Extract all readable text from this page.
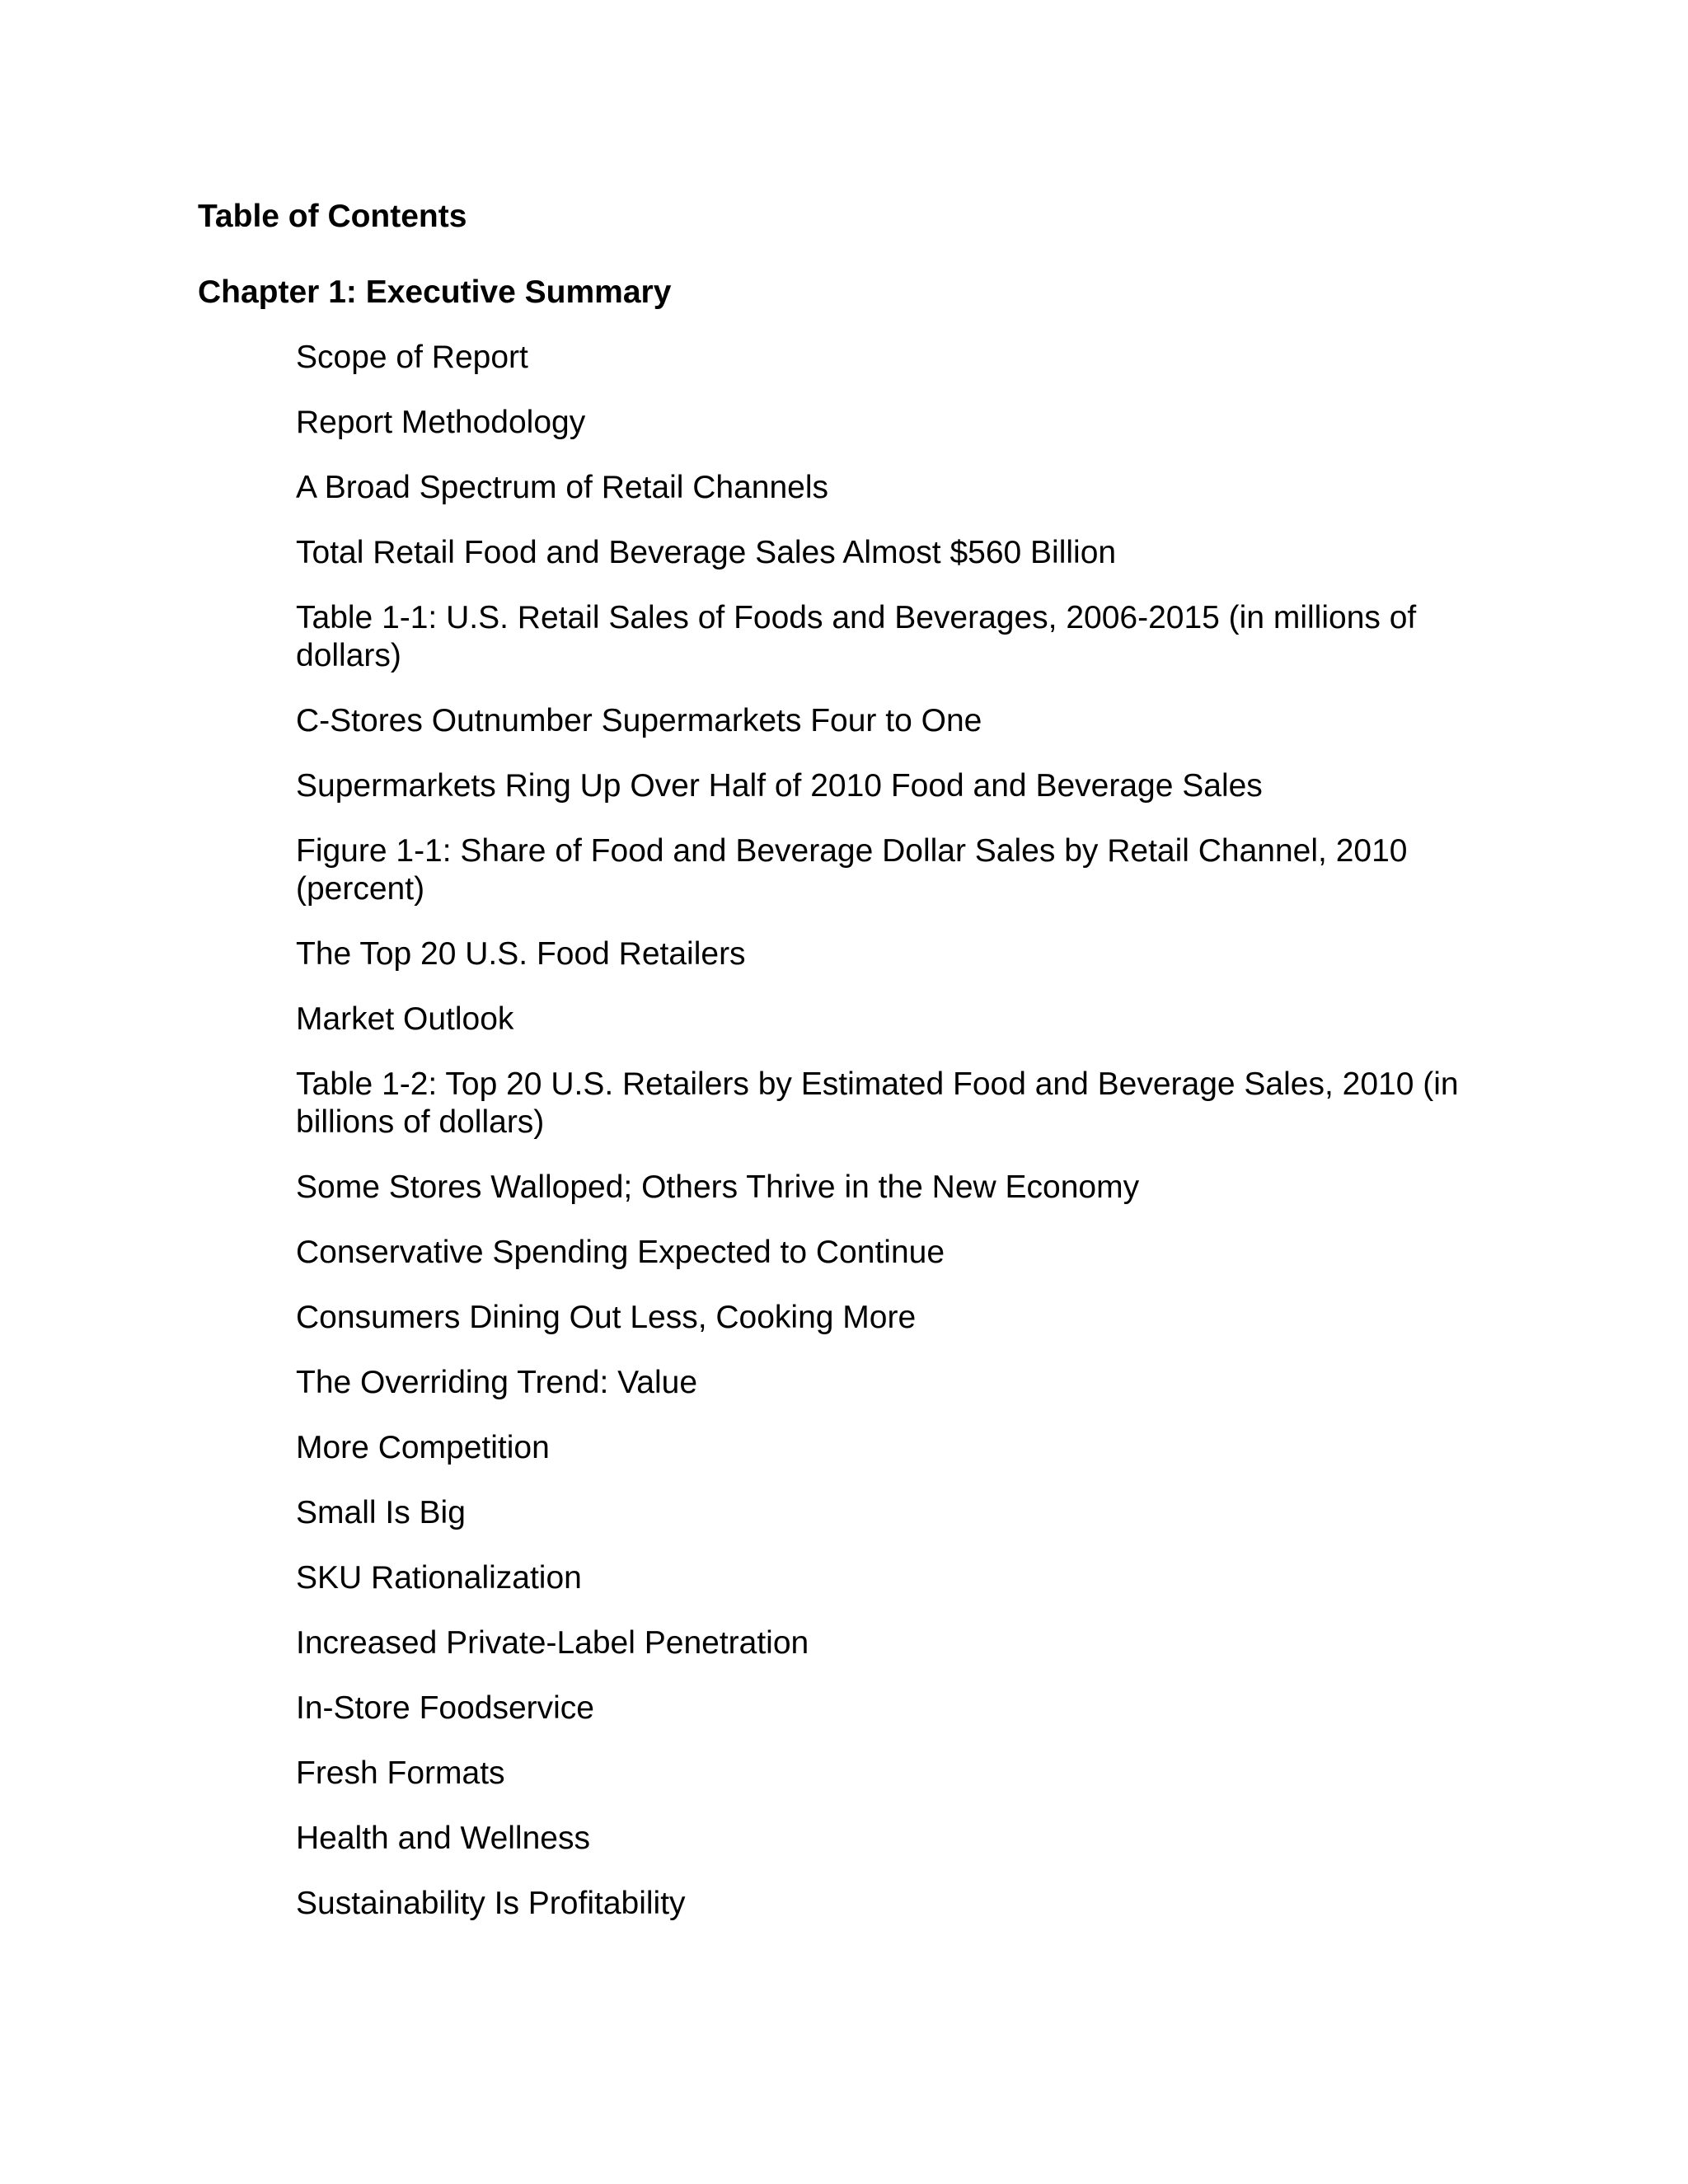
Table of Contents
Chapter 1: Executive Summary
Scope of Report
Report Methodology
A Broad Spectrum of Retail Channels
Total Retail Food and Beverage Sales Almost $560 Billion
Table 1-1: U.S. Retail Sales of Foods and Beverages, 2006-2015 (in millions of dollars)
C-Stores Outnumber Supermarkets Four to One
Supermarkets Ring Up Over Half of 2010 Food and Beverage Sales
Figure 1-1: Share of Food and Beverage Dollar Sales by Retail Channel, 2010 (percent)
The Top 20 U.S. Food Retailers
Market Outlook
Table 1-2: Top 20 U.S. Retailers by Estimated Food and Beverage Sales, 2010 (in billions of dollars)
Some Stores Walloped; Others Thrive in the New Economy
Conservative Spending Expected to Continue
Consumers Dining Out Less, Cooking More
The Overriding Trend: Value
More Competition
Small Is Big
SKU Rationalization
Increased Private-Label Penetration
In-Store Foodservice
Fresh Formats
Health and Wellness
Sustainability Is Profitability
